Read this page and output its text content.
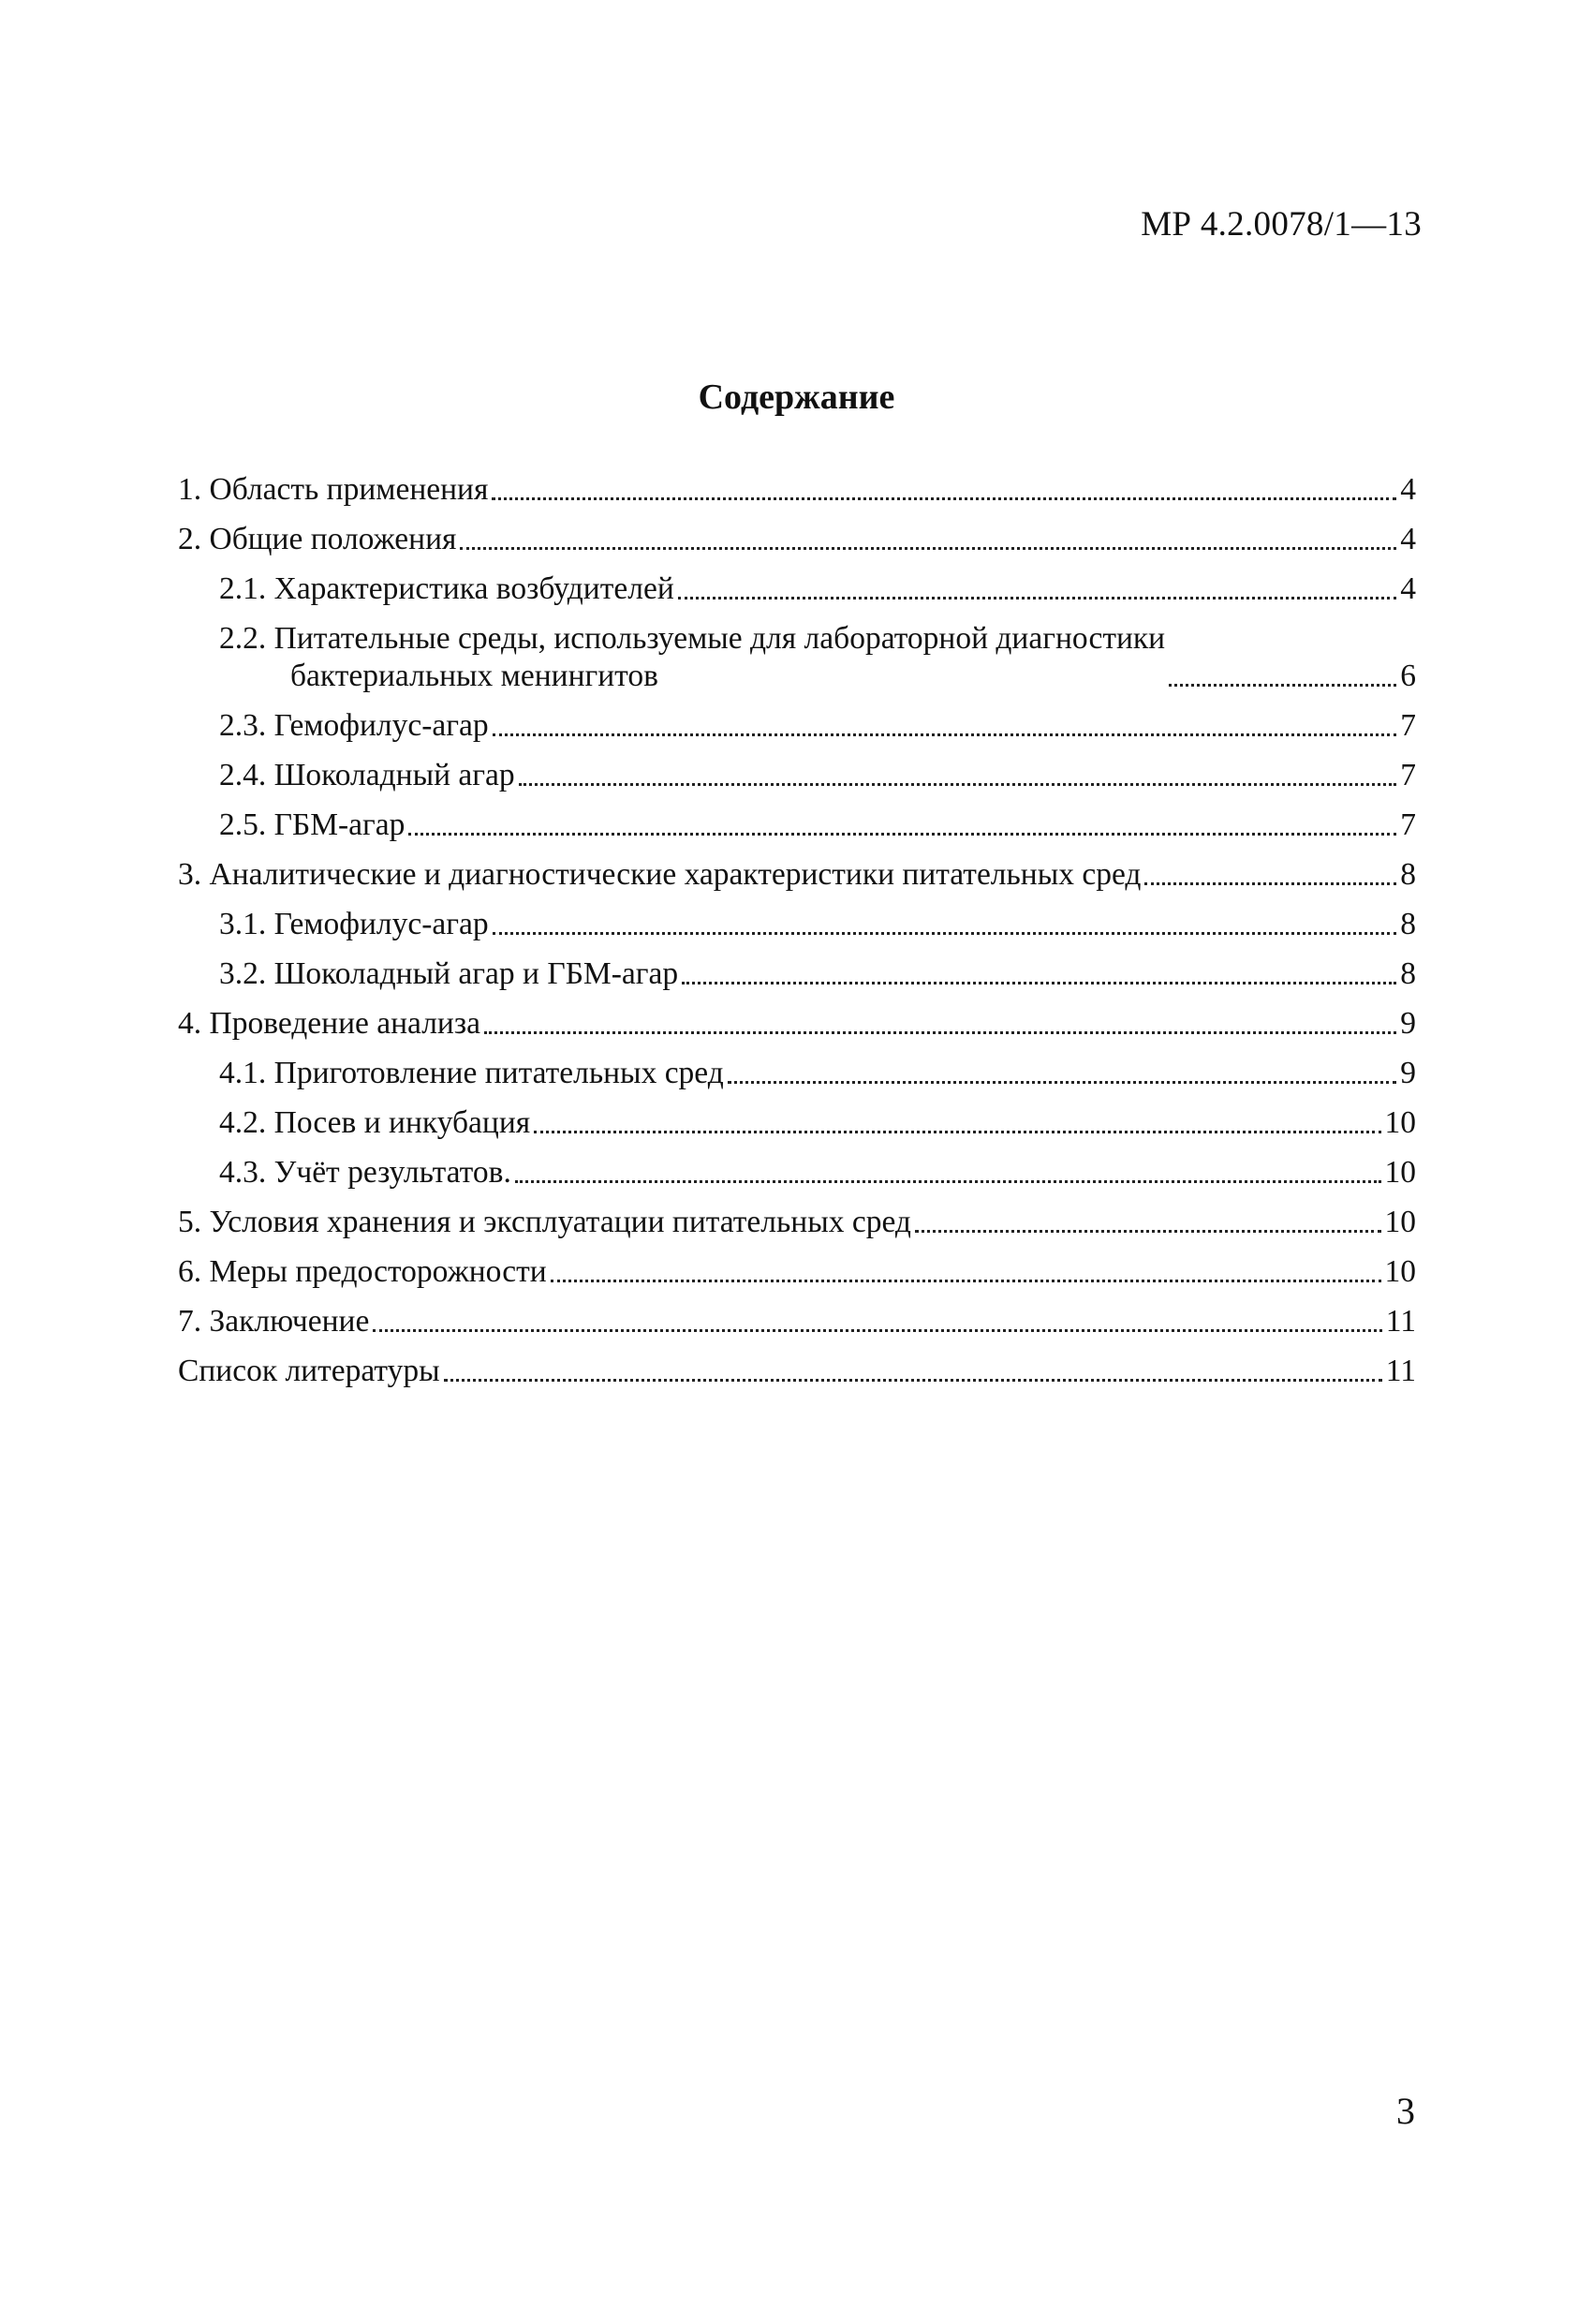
МР 4.2.0078/1—13
Содержание
1. Область применения	4
2. Общие положения	4
2.1. Характеристика возбудителей	4
2.2. Питательные среды, используемые для лабораторной диагностики
бактериальных менингитов	6
2.3. Гемофилус-агар	7
2.4. Шоколадный агар	7
2.5. ГБМ-агар	7
3. Аналитические и диагностические характеристики питательных сред	8
3.1. Гемофилус-агар	8
3.2. Шоколадный агар и ГБМ-агар	8
4. Проведение анализа	9
4.1. Приготовление питательных сред	9
4.2. Посев и инкубация	10
4.3. Учёт результатов.	10
5. Условия хранения и эксплуатации питательных сред	10
6. Меры предосторожности	10
7. Заключение	11
Список литературы	11
3
